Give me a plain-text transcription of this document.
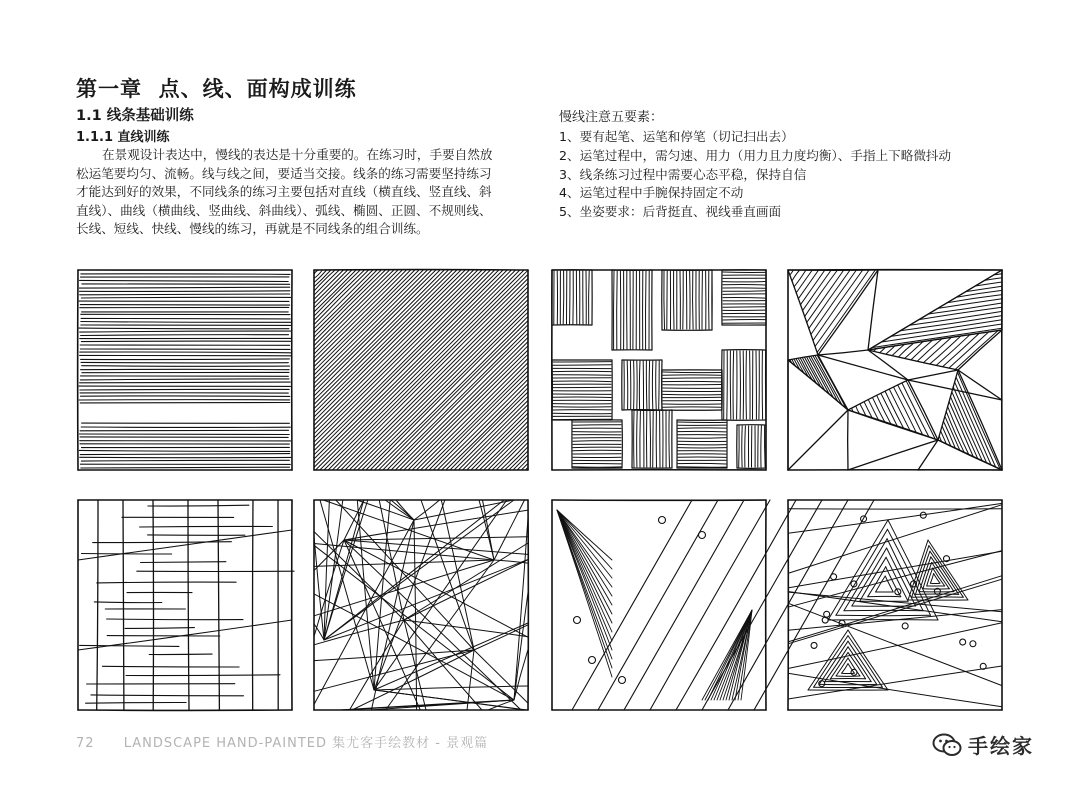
第一章  点、线、面构成训练
1.1 线条基础训练
1.1.1 直线训练

在景观设计表达中，慢线的表达是十分重要的。在练习时，手要自然放
松运笔要均匀、流畅。线与线之间，要适当交接。线条的练习需要坚持练习
才能达到好的效果，不同线条的练习主要包括对直线（横直线、竖直线、斜
直线）、曲线（横曲线、竖曲线、斜曲线）、弧线、椭圆、正圆、不规则线、
长线、短线、快线、慢线的练习，再就是不同线条的组合训练。

慢线注意五要素：
1、要有起笔、运笔和停笔（切记扫出去）
2、运笔过程中，需匀速、用力（用力且力度均衡）、手指上下略微抖动
3、线条练习过程中需要心态平稳，保持自信
4、运笔过程中手腕保持固定不动
5、坐姿要求：后背挺直、视线垂直画面
72 LANDSCAPE HAND-PAINTED 集尤客手绘教材 - 景观篇	手绘家
